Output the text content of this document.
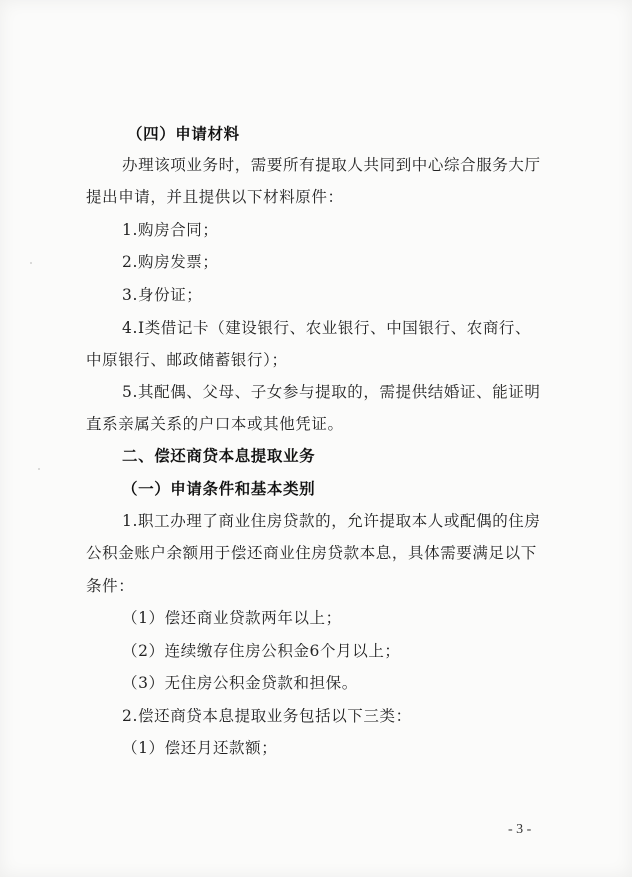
（四）申请材料
办理该项业务时，需要所有提取人共同到中心综合服务大厅
提出申请，并且提供以下材料原件：
1.购房合同；
2.购房发票；
3.身份证；
4.I类借记卡（建设银行、农业银行、中国银行、农商行、
中原银行、邮政储蓄银行）；
5.其配偶、父母、子女参与提取的，需提供结婚证、能证明
直系亲属关系的户口本或其他凭证。
二、偿还商贷本息提取业务
（一）申请条件和基本类别
1.职工办理了商业住房贷款的，允许提取本人或配偶的住房
公积金账户余额用于偿还商业住房贷款本息，具体需要满足以下
条件：
（1）偿还商业贷款两年以上；
（2）连续缴存住房公积金6个月以上；
（3）无住房公积金贷款和担保。
2.偿还商贷本息提取业务包括以下三类：
（1）偿还月还款额；
- 3 -
